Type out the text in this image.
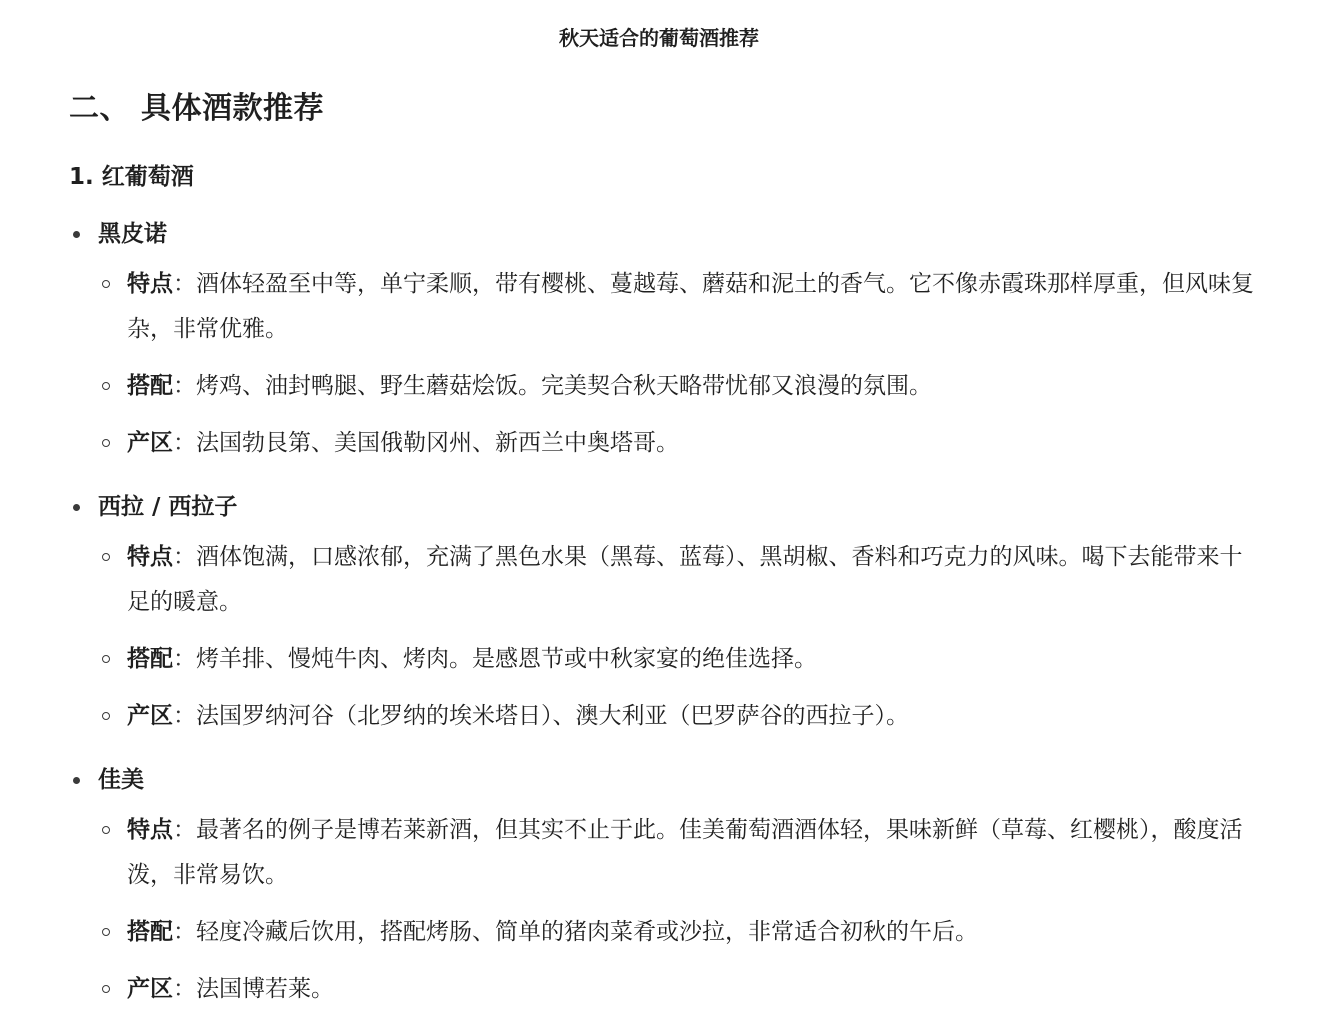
秋天适合的葡萄酒推荐
二、 具体酒款推荐
1. 红葡萄酒
黑皮诺
特点：酒体轻盈至中等，单宁柔顺，带有樱桃、蔓越莓、蘑菇和泥土的香气。它不像赤霞珠那样厚重，但风味复杂，非常优雅。
搭配：烤鸡、油封鸭腿、野生蘑菇烩饭。完美契合秋天略带忧郁又浪漫的氛围。
产区：法国勃艮第、美国俄勒冈州、新西兰中奥塔哥。
西拉 / 西拉子
特点：酒体饱满，口感浓郁，充满了黑色水果（黑莓、蓝莓）、黑胡椒、香料和巧克力的风味。喝下去能带来十足的暖意。
搭配：烤羊排、慢炖牛肉、烤肉。是感恩节或中秋家宴的绝佳选择。
产区：法国罗纳河谷（北罗纳的埃米塔日）、澳大利亚（巴罗萨谷的西拉子）。
佳美
特点：最著名的例子是博若莱新酒，但其实不止于此。佳美葡萄酒酒体轻，果味新鲜（草莓、红樱桃），酸度活泼，非常易饮。
搭配：轻度冷藏后饮用，搭配烤肠、简单的猪肉菜肴或沙拉，非常适合初秋的午后。
产区：法国博若莱。
